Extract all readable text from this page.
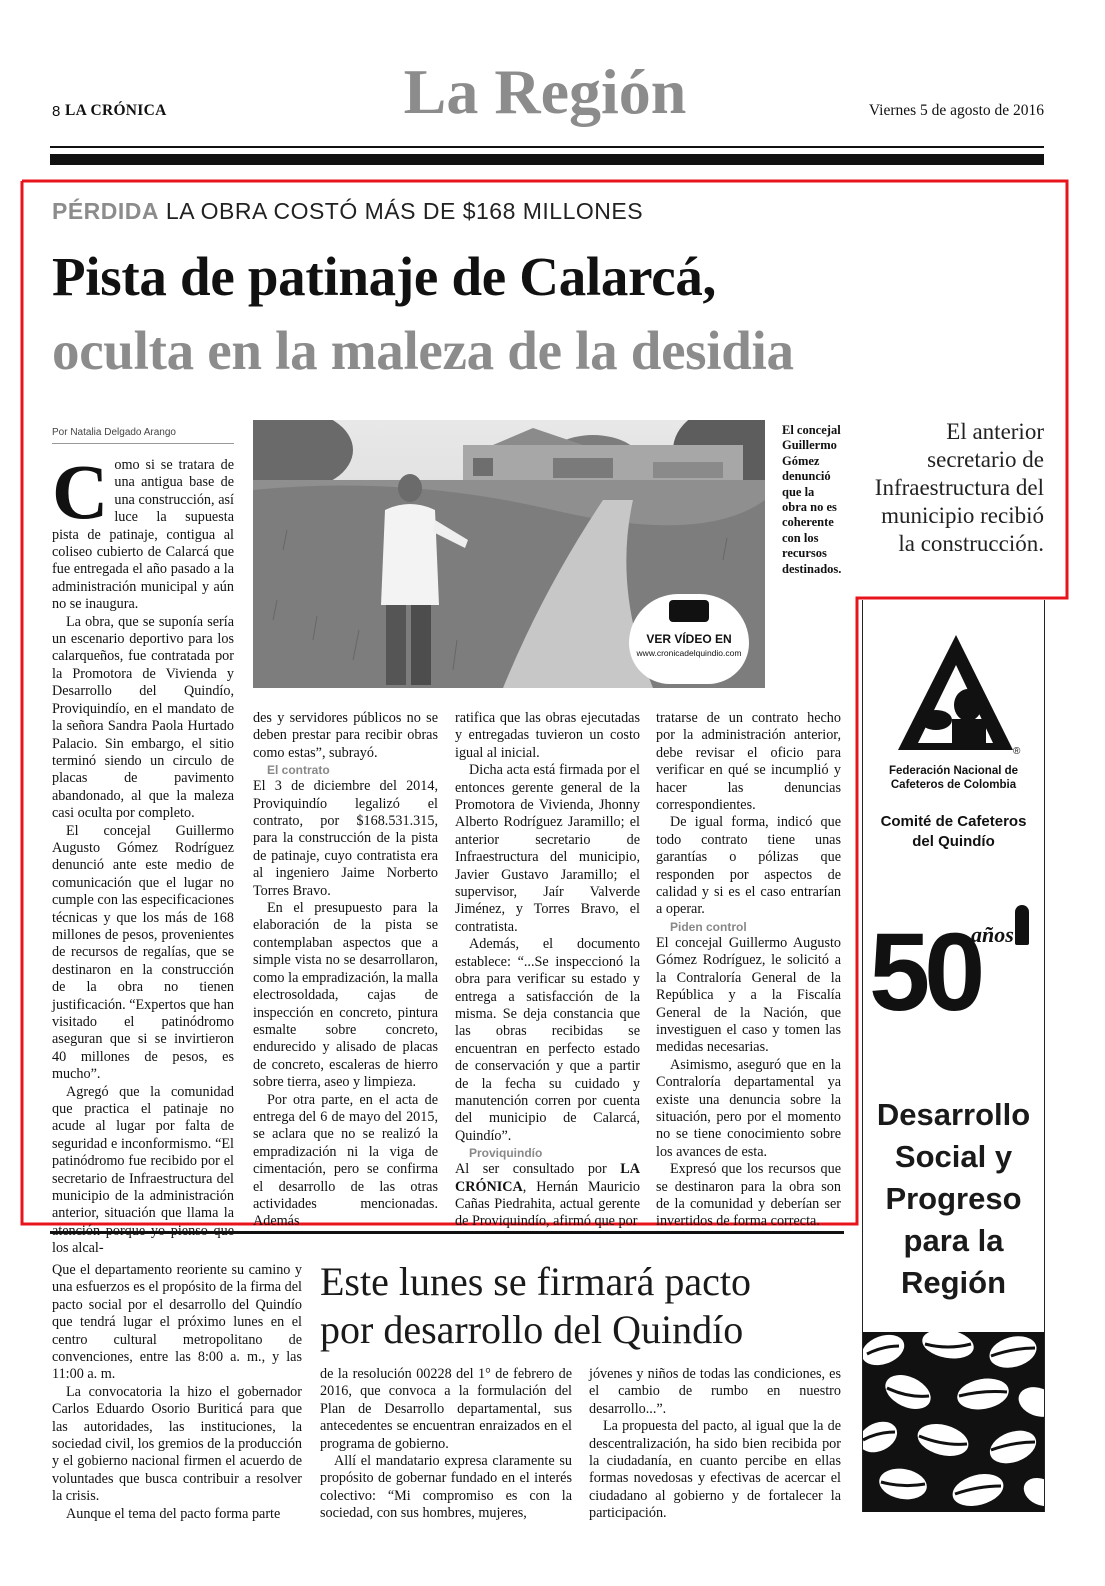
8 LA CRÓNICA	La Región	Viernes 5 de agosto de 2016
PÉRDIDA LA OBRA COSTÓ MÁS DE $168 MILLONES
Pista de patinaje de Calarcá,
oculta en la maleza de la desidia
Por Natalia Delgado Arango
C omo si se tratara de una antigua base de una construcción, así luce la supuesta pista de patinaje, contigua al coliseo cubierto de Calarcá que fue entregada el año pasado a la administración municipal y aún no se inaugura.

La obra, que se suponía sería un escenario deportivo para los calarqueños, fue contratada por la Promotora de Vivienda y Desarrollo del Quindío, Proviquindío, en el mandato de la señora Sandra Paola Hurtado Palacio. Sin embargo, el sitio terminó siendo un circulo de placas de pavimento abandonado, al que la maleza casi oculta por completo.

El concejal Guillermo Augusto Gómez Rodríguez denunció ante este medio de comunicación que el lugar no cumple con las especificaciones técnicas y que los más de 168 millones de pesos, provenientes de recursos de regalías, que se destinaron en la construcción de la obra no tienen justificación. “Expertos que han visitado el patinódromo aseguran que si se invirtieron 40 millones de pesos, es mucho”.

Agregó que la comunidad que practica el patinaje no acude al lugar por falta de seguridad e inconformismo. “El patinódromo fue recibido por el secretario de Infraestructura del municipio de la administración anterior, situación que llama la los alcal-

VER VÍDEO EN
www.cronicadelquindio.com
El concejal Guillermo Gómez denunció que la obra no es coherente con los recursos destinados.
El anterior secretario de Infraestructura del municipio recibió la construcción.

des y servidores públicos no se deben prestar para recibir obras como estas”, subrayó.

El contrato

El 3 de diciembre del 2014, Proviquindío legalizó el contrato, por $168.531.315, para la construcción de la pista de patinaje, cuyo contratista era al ingeniero Jaime Norberto Torres Bravo.

En el presupuesto para la elaboración de la pista se contemplaban aspectos que a simple vista no se desarrollaron, como la empradización, la malla electrosoldada, cajas de inspección en concreto, pintura esmalte sobre concreto, endurecido y alisado de placas de concreto, escaleras de hierro sobre tierra, aseo y limpieza.

Por otra parte, en el acta de entrega del 6 de mayo del 2015, se aclara que no se realizó la empradización ni la viga de cimentación, pero se confirma el desarrollo de las otras actividades mencionadas. Además

ratifica que las obras ejecutadas y entregadas tuvieron un costo igual al inicial.

Dicha acta está firmada por el entonces gerente general de la Promotora de Vivienda, Jhonny Alberto Rodríguez Jaramillo; el anterior secretario de Infraestructura del municipio, Javier Gustavo Jaramillo; el supervisor, Jaír Valverde Jiménez, y Torres Bravo, el contratista.

Además, el documento establece: “...Se inspeccionó la obra para verificar su estado y entrega a satisfacción de la misma. Se deja constancia que las obras recibidas se encuentran en perfecto estado de conservación y que a partir de la fecha su cuidado y manutención corren por cuenta del municipio de Calarcá, Quindío”.

Proviquindío

Al ser consultado por LA CRÓNICA, Hernán Mauricio Cañas Piedrahita, actual gerente de Proviquindío, afirmó que por

tratarse de un contrato hecho por la administración anterior, debe revisar el oficio para verificar en qué se incumplió y hacer las denuncias correspondientes.

De igual forma, indicó que todo contrato tiene unas garantías o pólizas que responden por aspectos de calidad y si es el caso entrarían a operar.

Piden control

El concejal Guillermo Augusto Gómez Rodríguez, le solicitó a la Contraloría General de la República y a la Fiscalía General de la Nación, que investiguen el caso y tomen las medidas necesarias.

Asimismo, aseguró que en la Contraloría departamental ya existe una denuncia sobre la situación, pero por el momento no se tiene conocimiento sobre los avances de esta.

Expresó que los recursos que se destinaron para la obra son de la comunidad y deberían ser invertidos de forma correcta.

®
Federación Nacional de
Cafeteros de Colombia
Comité de Cafeteros
del Quindío
50
años
Desarrollo
Social y
Progreso
para la
Región

Que el departamento reoriente su camino y una esfuerzos es el propósito de la firma del pacto social por el desarrollo del Quindío que tendrá lugar el próximo lunes en el centro cultural metropolitano de convenciones, entre las 8:00 a. m., y las 11:00 a. m.

La convocatoria la hizo el gobernador Carlos Eduardo Osorio Buriticá para que las autoridades, las instituciones, la sociedad civil, los gremios de la producción y el gobierno nacional firmen el acuerdo de voluntades que busca contribuir a resolver la crisis.

Aunque el tema del pacto forma parte

Este lunes se firmará pacto
por desarrollo del Quindío

de la resolución 00228 del 1° de febrero de 2016, que convoca a la formulación del Plan de Desarrollo departamental, sus antecedentes se encuentran enraizados en el programa de gobierno.

Allí el mandatario expresa claramente su propósito de gobernar fundado en el interés colectivo: “Mi compromiso es con la sociedad, con sus hombres, mujeres,

jóvenes y niños de todas las condiciones, es el cambio de rumbo en nuestro desarrollo...”.

La propuesta del pacto, al igual que la de descentralización, ha sido bien recibida por la ciudadanía, en cuanto percibe en ellas formas novedosas y efectivas de acercar el ciudadano al gobierno y de fortalecer la participación.
